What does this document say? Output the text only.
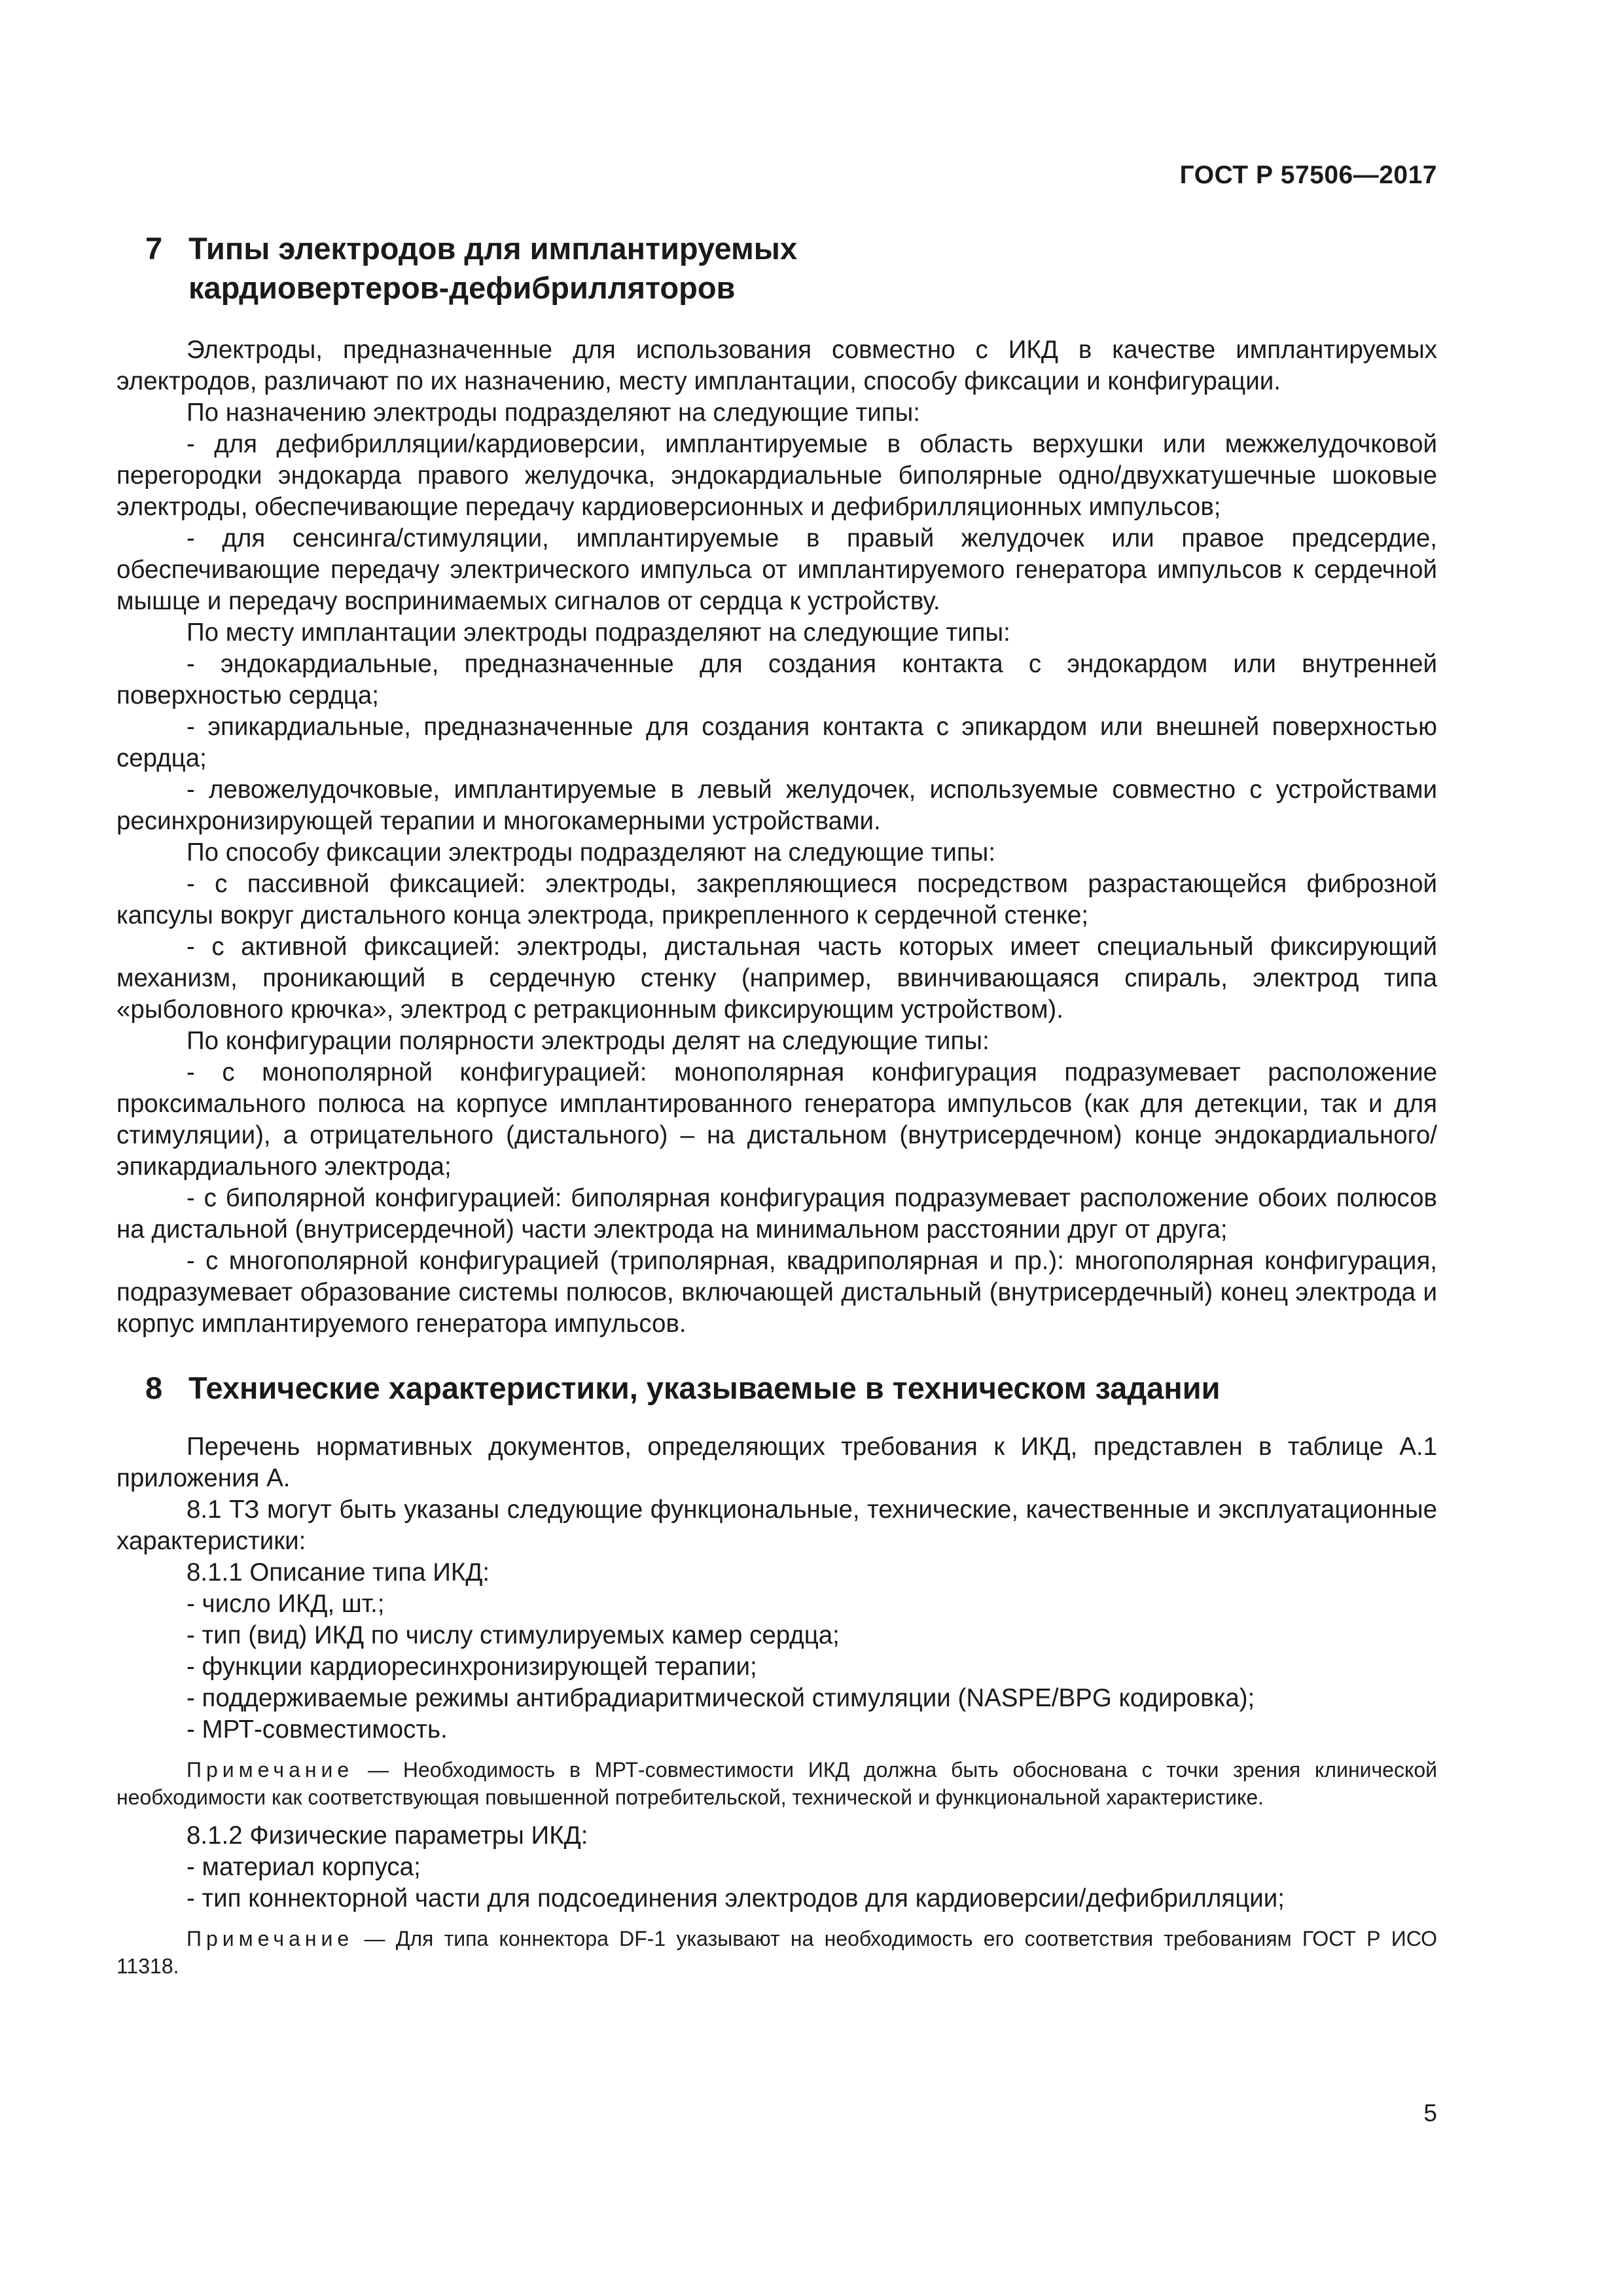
ГОСТ Р 57506—2017
7 Типы электродов для имплантируемых
кардиовертеров-дефибрилляторов

Электроды, предназначенные для использования совместно с ИКД в качестве имплантируемых электродов, различают по их назначению, месту имплантации, способу фиксации и конфигурации.

По назначению электроды подразделяют на следующие типы:

- для дефибрилляции/кардиоверсии, имплантируемые в область верхушки или межжелудочковой перегородки эндокарда правого желудочка, эндокардиальные биполярные одно/двухкатушечные шоковые электроды, обеспечивающие передачу кардиоверсионных и дефибрилляционных импульсов;

- для сенсинга/стимуляции, имплантируемые в правый желудочек или правое предсердие, обеспечивающие передачу электрического импульса от имплантируемого генератора импульсов к сердечной мышце и передачу воспринимаемых сигналов от сердца к устройству.

По месту имплантации электроды подразделяют на следующие типы:

- эндокардиальные, предназначенные для создания контакта с эндокардом или внутренней поверхностью сердца;

- эпикардиальные, предназначенные для создания контакта с эпикардом или внешней поверхностью сердца;

- левожелудочковые, имплантируемые в левый желудочек, используемые совместно с устройствами ресинхронизирующей терапии и многокамерными устройствами.

По способу фиксации электроды подразделяют на следующие типы:

- с пассивной фиксацией: электроды, закрепляющиеся посредством разрастающейся фиброзной капсулы вокруг дистального конца электрода, прикрепленного к сердечной стенке;

- с активной фиксацией: электроды, дистальная часть которых имеет специальный фиксирующий механизм, проникающий в сердечную стенку (например, ввинчивающаяся спираль, электрод типа «рыболовного крючка», электрод с ретракционным фиксирующим устройством).

По конфигурации полярности электроды делят на следующие типы:

- с монополярной конфигурацией: монополярная конфигурация подразумевает расположение проксимального полюса на корпусе имплантированного генератора импульсов (как для детекции, так и для стимуляции), а отрицательного (дистального) – на дистальном (внутрисердечном) конце эндокардиального/эпикардиального электрода;

- с биполярной конфигурацией: биполярная конфигурация подразумевает расположение обоих полюсов на дистальной (внутрисердечной) части электрода на минимальном расстоянии друг от друга;

- с многополярной конфигурацией (триполярная, квадриполярная и пр.): многополярная конфигурация, подразумевает образование системы полюсов, включающей дистальный (внутрисердечный) конец электрода и корпус имплантируемого генератора импульсов.

8 Технические характеристики, указываемые в техническом задании

Перечень нормативных документов, определяющих требования к ИКД, представлен в таблице А.1 приложения А.

8.1 ТЗ могут быть указаны следующие функциональные, технические, качественные и эксплуатационные характеристики:

8.1.1 Описание типа ИКД:

- число ИКД, шт.;

- тип (вид) ИКД по числу стимулируемых камер сердца;

- функции кардиоресинхронизирующей терапии;

- поддерживаемые режимы антибрадиаритмической стимуляции (NASPE/BPG кодировка);

- МРТ-совместимость.

Примечание — Необходимость в МРТ-совместимости ИКД должна быть обоснована с точки зрения клинической необходимости как соответствующая повышенной потребительской, технической и функциональной характеристике.

8.1.2 Физические параметры ИКД:

- материал корпуса;

- тип коннекторной части для подсоединения электродов для кардиоверсии/дефибрилляции;

Примечание — Для типа коннектора DF-1 указывают на необходимость его соответствия требованиям ГОСТ Р ИСО 11318.

5
